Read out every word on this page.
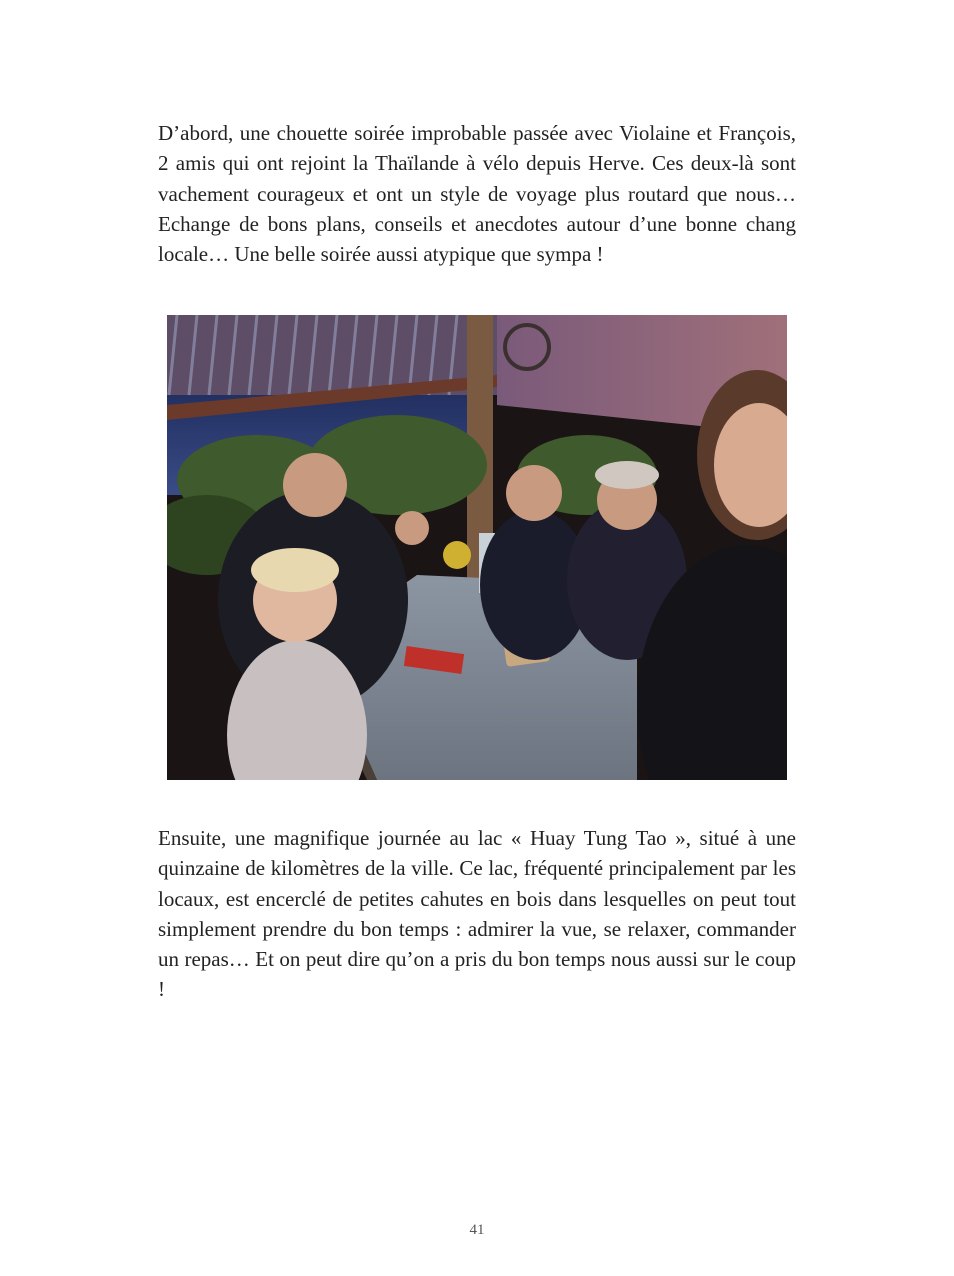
D’abord, une chouette soirée improbable passée avec Violaine et François, 2 amis qui ont rejoint la Thaïlande à vélo depuis Herve. Ces deux-là sont vachement courageux et ont un style de voyage plus routard que nous… Echange de bons plans, conseils et anecdotes autour d’une bonne chang locale… Une belle soirée aussi atypique que sympa !

Ensuite, une magnifique journée au lac « Huay Tung Tao », situé à une quinzaine de kilomètres de la ville. Ce lac, fréquenté principalement par les locaux, est encerclé de petites cahutes en bois dans lesquelles on peut tout simplement prendre du bon temps : admirer la vue, se relaxer, commander un repas… Et on peut dire qu’on a pris du bon temps nous aussi sur le coup !

41
